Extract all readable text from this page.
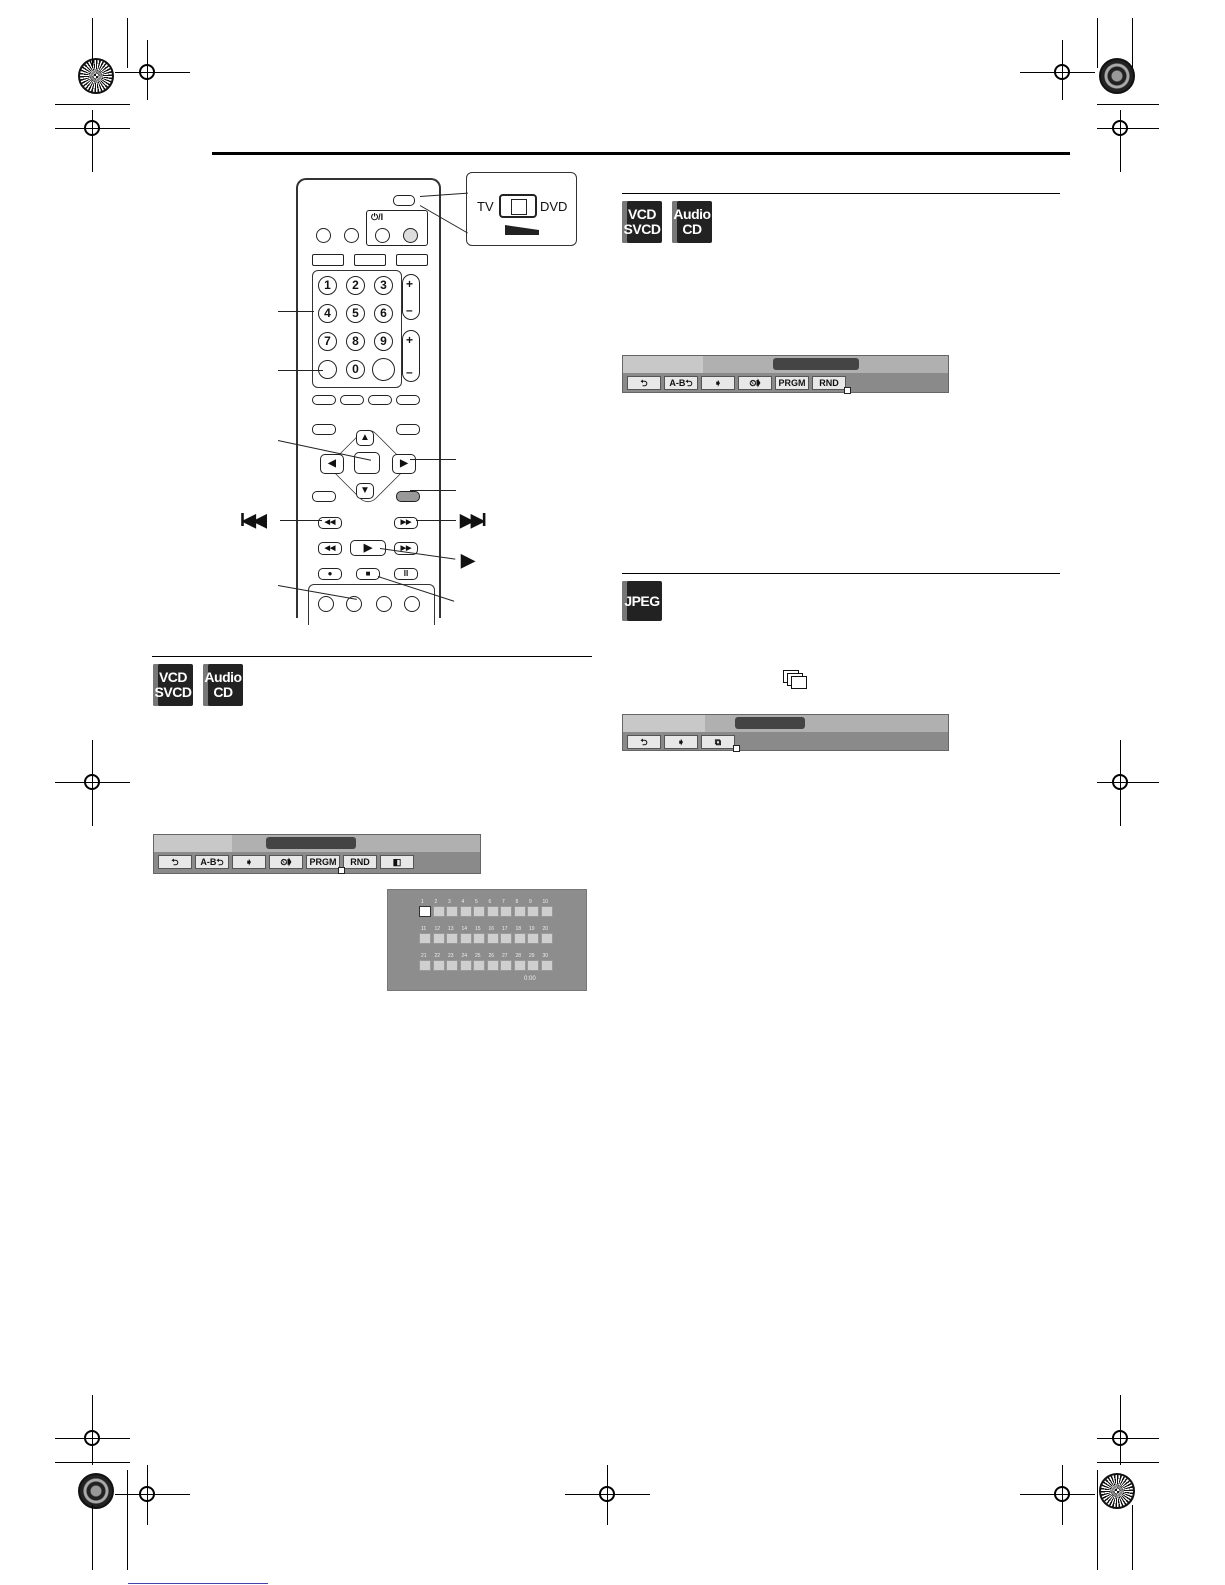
⏻/I
1	2	3
4	5	6
7	8	9
0
+
–
+
–
▲
▼
◀	▶
◀◀	▶▶
◀◀	▶	▶▶
●	■	II
TV	DVD
I◀◀	▶▶I
▶
VCD
SVCD
Audio
CD
⮌	A-B⮌	➧	⏲➧	PRGM	RND	◧
0:00
1 2 3 4 5 6 7 8 9 10
11 12 13 14 15 16 17 18 19 20
21 22 23 24 25 26 27 28 29 30
VCD
SVCD
Audio
CD
⮌	A-B⮌	➧	⏲➧	PRGM	RND
JPEG
⮌	➧	⧉
